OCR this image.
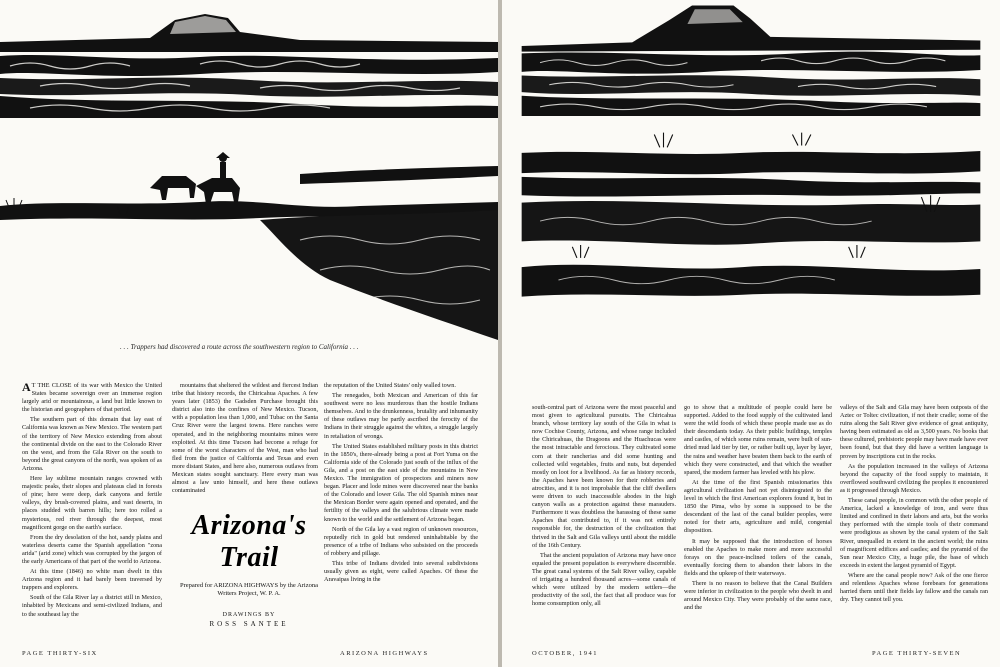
. . . Trappers had discovered a route across the southwestern region to California . . .

A T THE CLOSE of its war with Mexico the United States became sovereign over an immense region largely arid or mountainous, a land but little known to the historian and geographers of that period.

The southern part of this domain that lay east of California was known as New Mexico. The western part of the territory of New Mexico extending from about the continental divide on the east to the Colorado River on the west, and from the Gila River on the south to beyond the great canyons of the north, was spoken of as Arizona.

Here lay sublime mountain ranges crowned with majestic peaks, their slopes and plateaus clad in forests of pine; here were deep, dark canyons and fertile valleys, dry brush-covered plains, and vast deserts, in places studded with barren hills; here too rolled a mysterious, red river through the deepest, most magnificent gorge on the earth's surface.

From the dry desolation of the hot, sandy plains and waterless deserts came the Spanish appellation "zona arida" (arid zone) which was corrupted by the jargon of the early Americans of that part of the world to Arizona.

At this time (1846) no white man dwelt in this Arizona region and it had barely been traversed by trappers and explorers.

South of the Gila River lay a district still in Mexico, inhabited by Mexicans and semi-civilized Indians, and to the southeast lay the

mountains that sheltered the wildest and fiercest Indian tribe that history records, the Chiricahua Apaches. A few years later (1853) the Gadsden Purchase brought this district also into the confines of New Mexico. Tucson, with a population less than 1,000, and Tubac on the Santa Cruz River were the largest towns. Here ranches were operated, and in the neighboring mountains mines were exploited. At this time Tucson had become a refuge for some of the worst characters of the West, man who had fled from the justice of California and Texas and even more distant States, and here also, numerous outlaws from Mexican states sought sanctuary. Here every man was almost a law unto himself, and here these outlaws contaminated

the reputation of the United States' only walled town.

The renegades, both Mexican and American of this far southwest were no less murderous than the hostile Indians themselves. And to the drunkenness, brutality and inhumanity of these outlaws may be partly ascribed the ferocity of the Indians in their struggle against the whites, a struggle largely in retaliation of wrongs.

The United States established military posts in this district in the 1850's, there-already being a post at Fort Yuma on the California side of the Colorado just south of the influx of the Gila, and a post on the east side of the mountains in New Mexico. The immigration of prospectors and miners now began. Placer and lode mines were discovered near the banks of the Colorado and lower Gila. The old Spanish mines near the Mexican Border were again opened and operated, and the fertility of the valleys and the salubrious climate were made known to the world and the settlement of Arizona began.

North of the Gila lay a vast region of unknown resources, reputedly rich in gold but rendered uninhabitable by the presence of a tribe of Indians who subsisted on the proceeds of robbery and pillage.

This tribe of Indians divided into several subdivisions usually given as eight, were called Apaches. Of these the Aravaipas living in the

Arizona's Trail
Prepared for ARIZONA HIGHWAYS by the Arizona Writers Project, W. P. A.
DRAWINGS BY
ROSS SANTEE
PAGE THIRTY-SIX	ARIZONA HIGHWAYS

south-central part of Arizona were the most peaceful and most given to agricultural pursuits. The Chiricahua branch, whose territory lay south of the Gila in what is now Cochise County, Arizona, and whose range included the Chiricahuas, the Dragoons and the Huachucas were the most intractable and ferocious. They cultivated some corn at their rancherias and did some hunting and collected wild vegetables, fruits and nuts, but depended mostly on loot for a livelihood. As far as history records, the Apaches have been known for their robberies and atrocities, and it is not improbable that the cliff dwellers were driven to such inaccessible abodes in the high canyon walls as a protection against these marauders. Furthermore it was doubtless the harassing of these same Apaches that contributed to, if it was not entirely responsible for, the destruction of the civilization that thrived in the Salt and Gila valleys until about the middle of the 16th Century.

That the ancient population of Arizona may have once equaled the present population is everywhere discernible. The great canal systems of the Salt River valley, capable of irrigating a hundred thousand acres—some canals of which were utilized by the modern settlers—the productivity of the soil, the fact that all produce was for home consumption only, all

go to show that a multitude of people could here be supported. Added to the food supply of the cultivated land were the wild foods of which these people made use as do their descendants today. As their public buildings, temples and castles, of which some ruins remain, were built of sun-dried mud laid tier by tier, or rather built up, layer by layer, the rains and weather have beaten them back to the earth of which they were constructed, and that which the weather spared, the modern farmer has leveled with his plow.

At the time of the first Spanish missionaries this agricultural civilization had not yet disintegrated to the level in which the first American explorers found it, but in 1850 the Pima, who by some is supposed to be the descendant of the last of the canal builder peoples, were noted for their arts, agriculture and mild, congenial disposition.

It may be supposed that the introduction of horses enabled the Apaches to make more and more successful forays on the peace-inclined toilers of the canals, eventually forcing them to abandon their labors in the fields and the upkeep of their waterways.

There is no reason to believe that the Canal Builders were inferior in civilization to the people who dwelt in and around Mexico City. They were probably of the same race, and the

valleys of the Salt and Gila may have been outposts of the Aztec or Toltec civilization, if not their cradle; some of the ruins along the Salt River give evidence of great antiquity, having been estimated as old as 3,500 years. No books that these cultured, prehistoric people may have made have ever been found, but that they did have a written language is proven by inscriptions cut in the rocks.

As the population increased in the valleys of Arizona beyond the capacity of the food supply to maintain, it overflowed southward civilizing the peoples it encountered as it progressed through Mexico.

These canal people, in common with the other people of America, lacked a knowledge of iron, and were thus limited and confined in their labors and arts, but the works they performed with the simple tools of their command were prodigious as shown by the canal system of the Salt River, unequalled in extent in the ancient world; the ruins of magnificent edifices and castles; and the pyramid of the Sun near Mexico City, a huge pile, the base of which exceeds in extent the largest pyramid of Egypt.

Where are the canal people now? Ask of the one fierce and relentless Apaches whose forebears for generations harried them until their fields lay fallow and the canals ran dry. They cannot tell you.

OCTOBER, 1941	PAGE THIRTY-SEVEN
